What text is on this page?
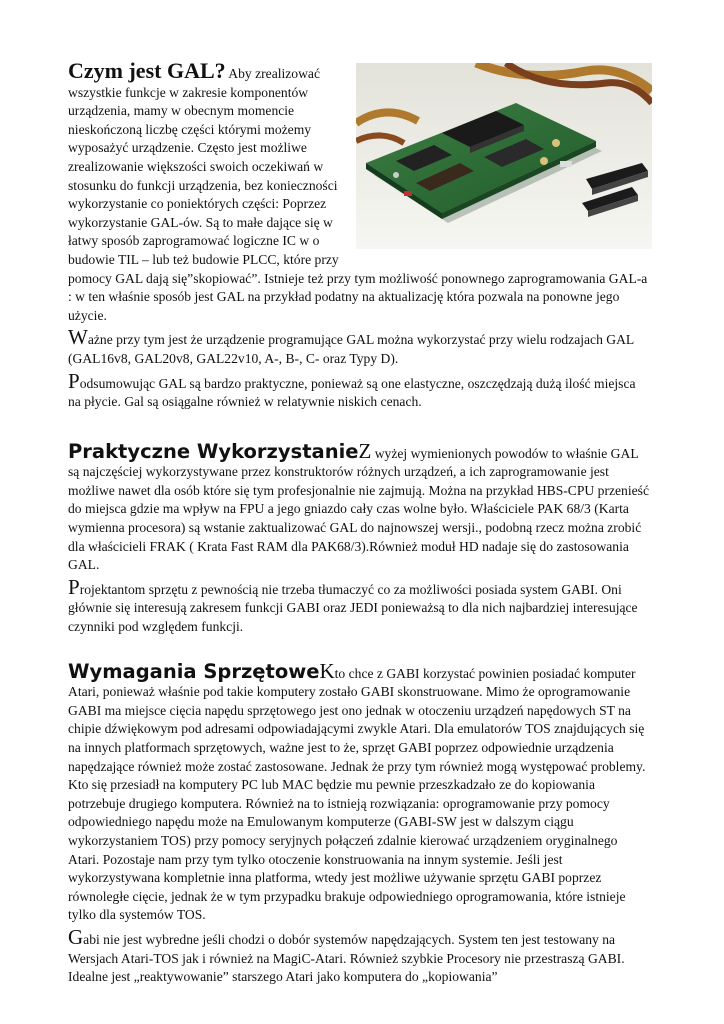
Czym jest GAL?
Aby zrealizować wszystkie funkcje w zakresie komponentów urządzenia, mamy w obecnym momencie nieskończoną liczbę części którymi możemy wyposażyć urządzenie. Często jest możliwe zrealizowanie większości swoich oczekiwań w stosunku do funkcji urządzenia, bez konieczności wykorzystanie co poniektórych części: Poprzez wykorzystanie GAL-ów. Są to małe dające się w łatwy sposób zaprogramować logiczne IC w o budowie TIL – lub też budowie PLCC, które przy pomocy GAL dają się”skopiować”. Istnieje też przy tym możliwość ponownego zaprogramowania GAL-a : w ten właśnie sposób jest GAL na przykład podatny na aktualizację która pozwala na ponowne jego użycie.

Ważne przy tym jest że urządzenie programujące GAL można wykorzystać przy wielu rodzajach GAL (GAL16v8, GAL20v8, GAL22v10, A-, B-, C- oraz Typy D).

Podsumowując GAL są bardzo praktyczne, ponieważ są one elastyczne, oszczędzają dużą ilość miejsca na płycie. Gal są osiągalne również w relatywnie niskich cenach.

Praktyczne WykorzystanieZ wyżej wymienionych powodów to właśnie GAL są najczęściej wykorzystywane przez konstruktorów różnych urządzeń, a ich zaprogramowanie jest możliwe nawet dla osób które się tym profesjonalnie nie zajmują. Można na przykład HBS-CPU przenieść do miejsca gdzie ma wpływ na FPU a jego gniazdo cały czas wolne było. Właściciele PAK 68/3 (Karta wymienna procesora) są wstanie zaktualizować GAL do najnowszej wersji., podobną rzecz można zrobić dla właścicieli FRAK ( Krata Fast RAM dla PAK68/3).Również moduł HD nadaje się do zastosowania GAL.

Projektantom sprzętu z pewnością nie trzeba tłumaczyć co za możliwości posiada system GABI. Oni głównie się interesują zakresem funkcji GABI oraz JEDI ponieważsą to dla nich najbardziej interesujące czynniki pod względem funkcji.

Wymagania SprzętoweKto chce z GABI korzystać powinien posiadać komputer Atari, ponieważ właśnie pod takie komputery zostało GABI skonstruowane. Mimo że oprogramowanie GABI ma miejsce cięcia napędu sprzętowego jest ono jednak w otoczeniu urządzeń napędowych ST na chipie dźwiękowym pod adresami odpowiadającymi zwykle Atari. Dla emulatorów TOS znajdujących się na innych platformach sprzętowych, ważne jest to że, sprzęt GABI poprzez odpowiednie urządzenia napędzające również może zostać zastosowane. Jednak że przy tym również mogą występować problemy. Kto się przesiadł na komputery PC lub MAC będzie mu pewnie przeszkadzało ze do kopiowania potrzebuje drugiego komputera. Również na to istnieją rozwiązania: oprogramowanie przy pomocy odpowiedniego napędu może na Emulowanym komputerze (GABI-SW jest w dalszym ciągu wykorzystaniem TOS) przy pomocy seryjnych połączeń zdalnie kierować urządzeniem oryginalnego Atari. Pozostaje nam przy tym tylko otoczenie konstruowania na innym systemie. Jeśli jest wykorzystywana kompletnie inna platforma, wtedy jest możliwe używanie sprzętu GABI poprzez równoległe cięcie, jednak że w tym przypadku brakuje odpowiedniego oprogramowania, które istnieje tylko dla systemów TOS.

Gabi nie jest wybredne jeśli chodzi o dobór systemów napędzających. System ten jest testowany na Wersjach Atari-TOS jak i również na MagiC-Atari. Również szybkie Procesory nie przestraszą GABI. Idealne jest „reaktywowanie” starszego Atari jako komputera do „kopiowania”
